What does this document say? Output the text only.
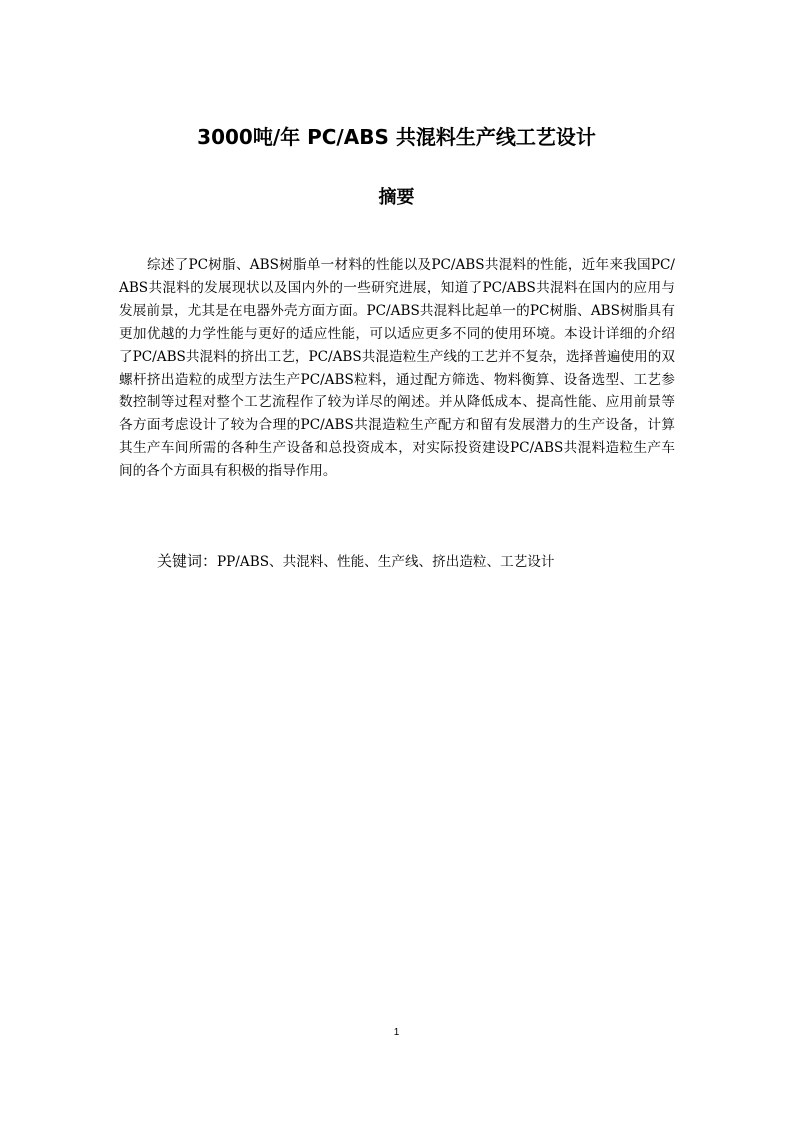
3000吨/年 PC/ABS 共混料生产线工艺设计
摘要

综述了PC树脂、ABS树脂单一材料的性能以及PC/ABS共混料的性能，近年来我国PC/ABS共混料的发展现状以及国内外的一些研究进展，知道了PC/ABS共混料在国内的应用与发展前景，尤其是在电器外壳方面方面。PC/ABS共混料比起单一的PC树脂、ABS树脂具有更加优越的力学性能与更好的适应性能，可以适应更多不同的使用环境。本设计详细的介绍了PC/ABS共混料的挤出工艺，PC/ABS共混造粒生产线的工艺并不复杂，选择普遍使用的双螺杆挤出造粒的成型方法生产PC/ABS粒料，通过配方筛选、物料衡算、设备选型、工艺参数控制等过程对整个工艺流程作了较为详尽的阐述。并从降低成本、提高性能、应用前景等各方面考虑设计了较为合理的PC/ABS共混造粒生产配方和留有发展潜力的生产设备，计算其生产车间所需的各种生产设备和总投资成本，对实际投资建设PC/ABS共混料造粒生产车间的各个方面具有积极的指导作用。

关键词：PP/ABS、共混料、性能、生产线、挤出造粒、工艺设计
1
